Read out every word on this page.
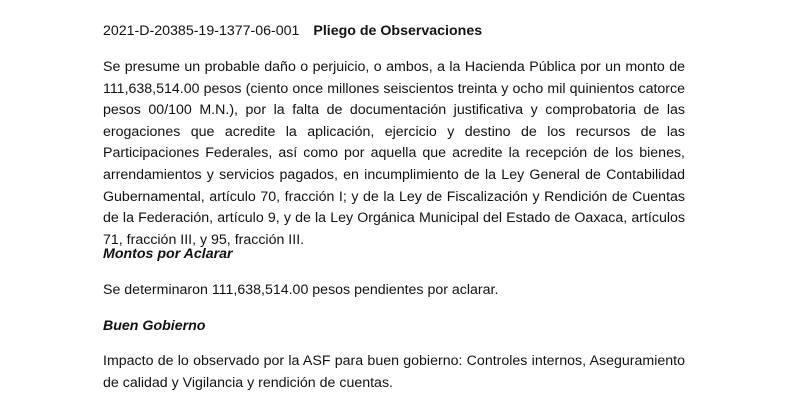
2021-D-20385-19-1377-06-001 Pliego de Observaciones

Se presume un probable daño o perjuicio, o ambos, a la Hacienda Pública por un monto de 111,638,514.00 pesos (ciento once millones seiscientos treinta y ocho mil quinientos catorce pesos 00/100 M.N.), por la falta de documentación justificativa y comprobatoria de las erogaciones que acredite la aplicación, ejercicio y destino de los recursos de las Participaciones Federales, así como por aquella que acredite la recepción de los bienes, arrendamientos y servicios pagados, en incumplimiento de la Ley General de Contabilidad Gubernamental, artículo 70, fracción I; y de la Ley de Fiscalización y Rendición de Cuentas de la Federación, artículo 9, y de la Ley Orgánica Municipal del Estado de Oaxaca, artículos 71, fracción III, y 95, fracción III.

Montos por Aclarar

Se determinaron 111,638,514.00 pesos pendientes por aclarar.

Buen Gobierno

Impacto de lo observado por la ASF para buen gobierno: Controles internos, Aseguramiento de calidad y Vigilancia y rendición de cuentas.
